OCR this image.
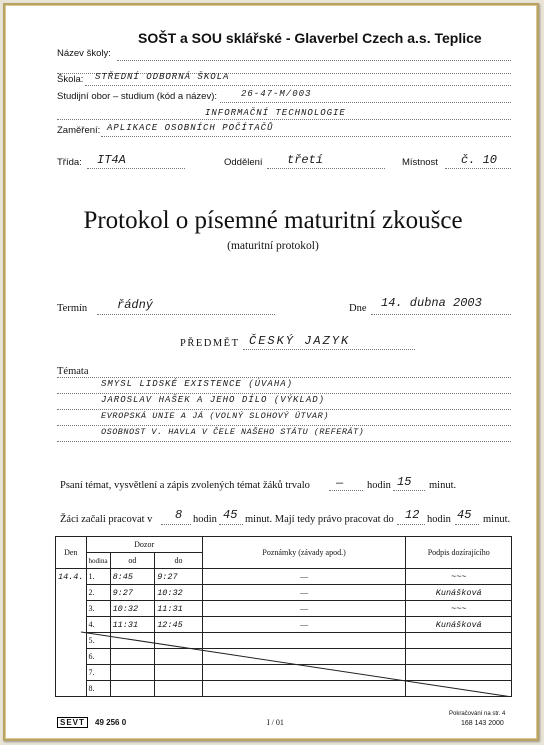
Název školy:
SOŠT a SOU sklářské - Glaverbel Czech a.s. Teplice
Škola: STŘEDNÍ ODBORNÁ ŠKOLA
Studijní obor – studium (kód a název):	26-47-M/003
INFORMAČNÍ TECHNOLOGIE
Zaměření: APLIKACE OSOBNÍCH POČÍTAČŮ
Třída: IT4A	Oddělení třetí	Místnost č. 10
Protokol o písemné maturitní zkoušce
(maturitní protokol)
Termín řádný	Dne 14. dubna 2003
PŘEDMĚT ČESKÝ JAZYK
Témata
SMYSL LIDSKÉ EXISTENCE (ÚVAHA)
JAROSLAV HAŠEK A JEHO DÍLO (VÝKLAD)
EVROPSKÁ UNIE A JÁ (VOLNÝ SLOHOVÝ ÚTVAR)
OSOBNOST V. HAVLA V ČELE NAŠEHO STÁTU (REFERÁT)
Psaní témat, vysvětlení a zápis zvolených témat žáků trvalo — hodin 15 minut.
Žáci začali pracovat v 8 hodin 45 minut. Mají tedy právo pracovat do 12 hodin 45 minut.
Den	Dozor			Poznámky (závady apod.)	Podpis dozírajícího
	hodina	od	do		
14.4.	1.	8:45	9:27	—	~~~
	2.	9:27	10:32	—	Kunášková
	3.	10:32	11:31	—	~~~
	4.	11:31	12:45	—	Kunášková
	5.				
	6.				
	7.				
	8.				
SEVT	49 256 0	I / 01
Pokračování na str. 4
168 143 2000
